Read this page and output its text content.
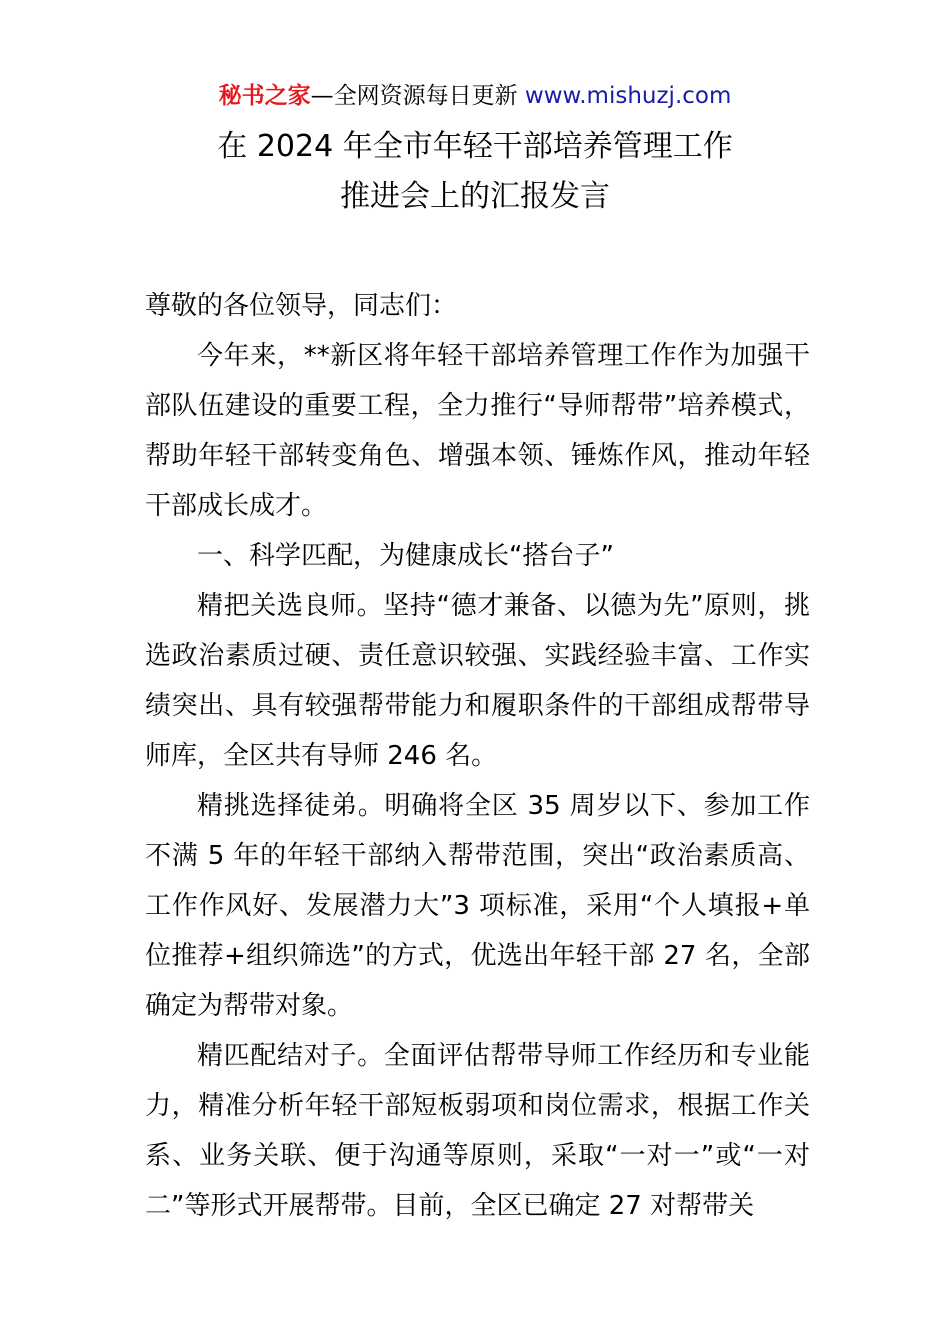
秘书之家—全网资源每日更新 www.mishuzj.com
在 2024 年全市年轻干部培养管理工作
推进会上的汇报发言

尊敬的各位领导，同志们：

今年来，**新区将年轻干部培养管理工作作为加强干部队伍建设的重要工程，全力推行“导师帮带”培养模式，帮助年轻干部转变角色、增强本领、锤炼作风，推动年轻干部成长成才。

一、科学匹配，为健康成长“搭台子”

精把关选良师。坚持“德才兼备、以德为先”原则，挑选政治素质过硬、责任意识较强、实践经验丰富、工作实绩突出、具有较强帮带能力和履职条件的干部组成帮带导师库，全区共有导师 246 名。

精挑选择徒弟。明确将全区 35 周岁以下、参加工作不满 5 年的年轻干部纳入帮带范围，突出“政治素质高、工作作风好、发展潜力大”3 项标准，采用“个人填报+单位推荐+组织筛选”的方式，优选出年轻干部 27 名，全部确定为帮带对象。

精匹配结对子。全面评估帮带导师工作经历和专业能力，精准分析年轻干部短板弱项和岗位需求，根据工作关系、业务关联、便于沟通等原则，采取“一对一”或“一对二”等形式开展帮带。目前，全区已确定 27 对帮带关
